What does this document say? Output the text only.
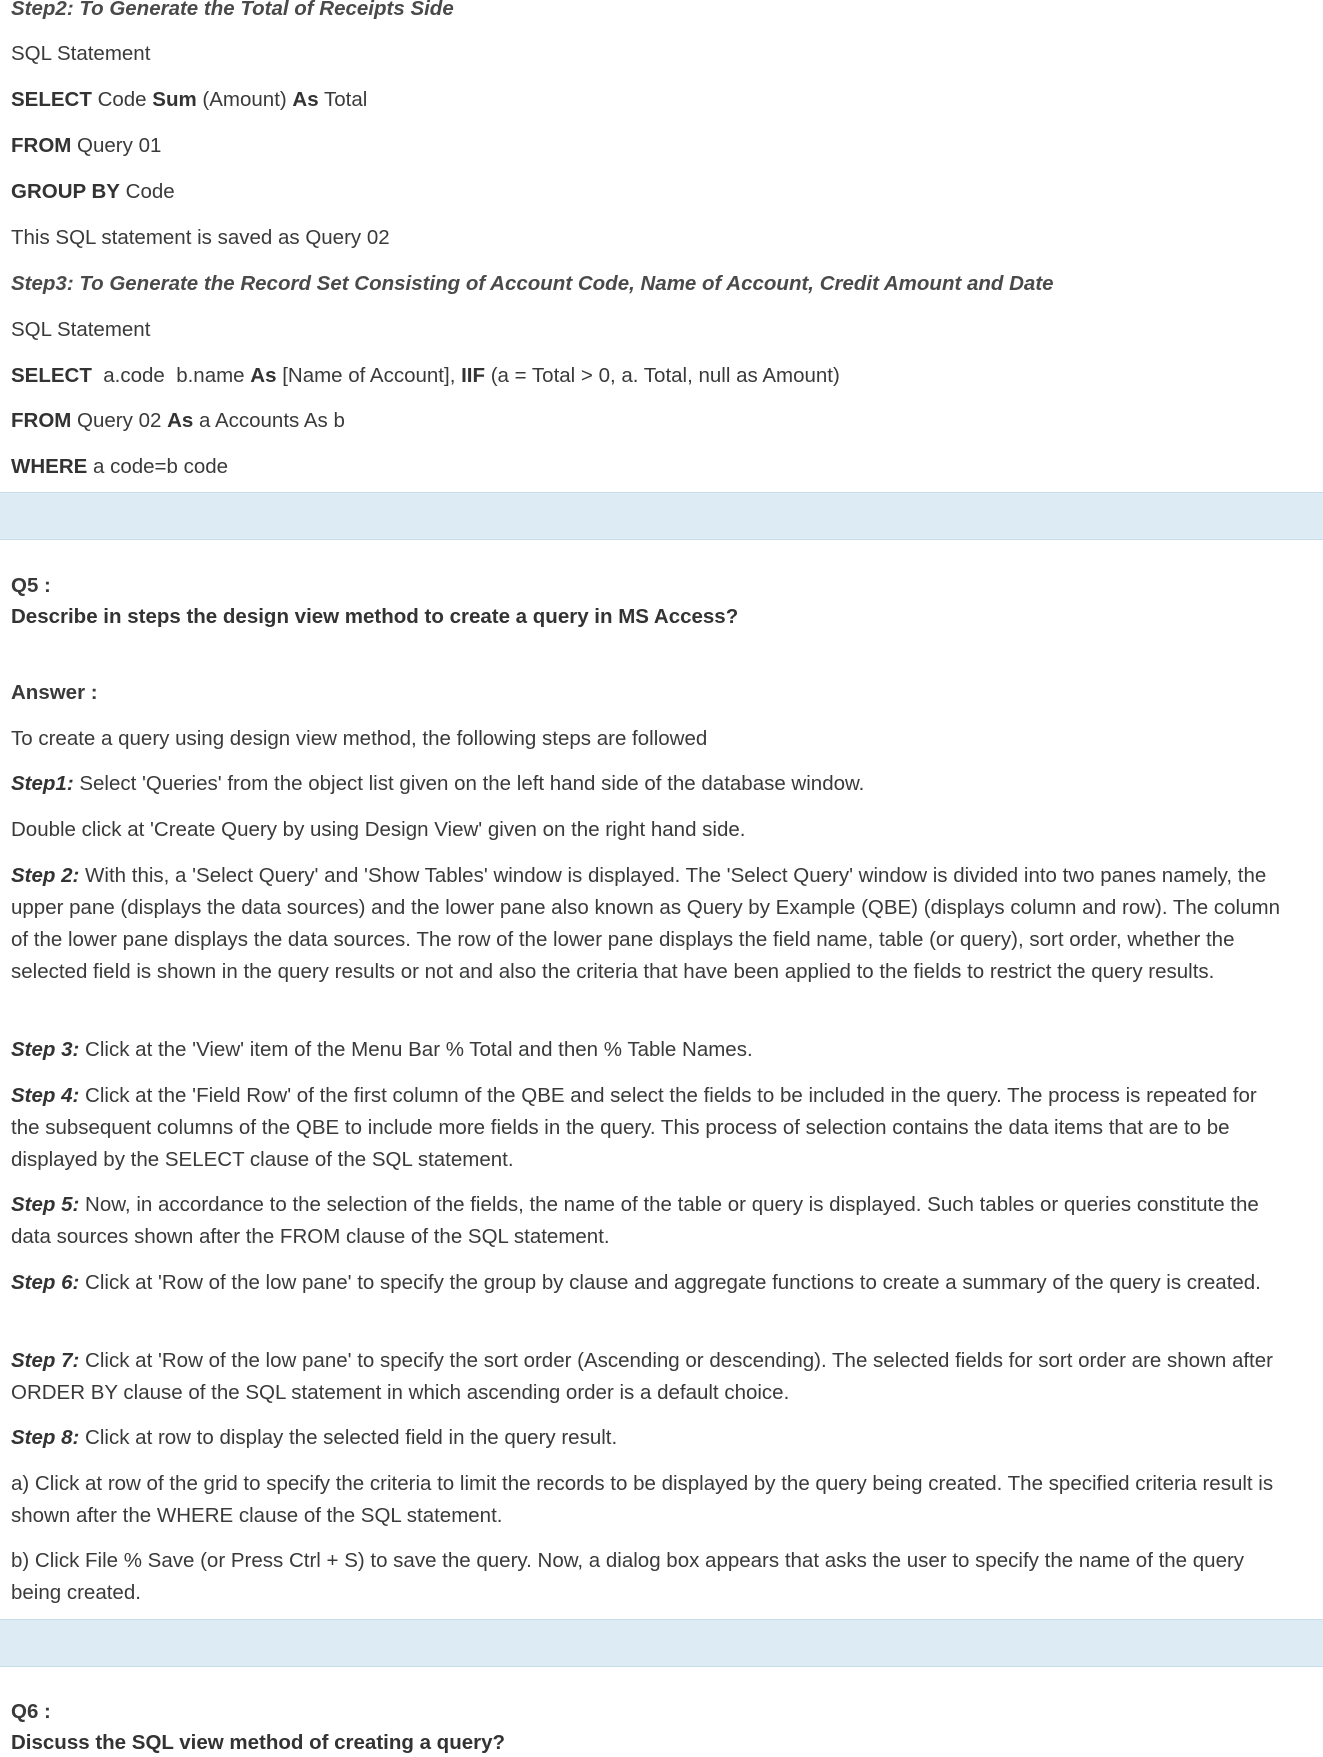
Step2: To Generate the Total of Receipts Side
SQL Statement
SELECT Code Sum (Amount) As Total
FROM Query 01
GROUP BY Code
This SQL statement is saved as Query 02
Step3: To Generate the Record Set Consisting of Account Code, Name of Account, Credit Amount and Date
SQL Statement
SELECT  a.code  b.name As [Name of Account], IIF (a = Total > 0, a. Total, null as Amount)
FROM Query 02 As a Accounts As b
WHERE a code=b code
Q5 :
Describe in steps the design view method to create a query in MS Access?
Answer :
To create a query using design view method, the following steps are followed
Step1: Select 'Queries' from the object list given on the left hand side of the database window.
Double click at 'Create Query by using Design View' given on the right hand side.
Step 2: With this, a 'Select Query' and 'Show Tables' window is displayed. The 'Select Query' window is divided into two panes namely, the upper pane (displays the data sources) and the lower pane also known as Query by Example (QBE) (displays column and row). The column of the lower pane displays the data sources. The row of the lower pane displays the field name, table (or query), sort order, whether the selected field is shown in the query results or not and also the criteria that have been applied to the fields to restrict the query results.
Step 3: Click at the 'View' item of the Menu Bar % Total and then % Table Names.
Step 4: Click at the 'Field Row' of the first column of the QBE and select the fields to be included in the query. The process is repeated for the subsequent columns of the QBE to include more fields in the query. This process of selection contains the data items that are to be displayed by the SELECT clause of the SQL statement.
Step 5: Now, in accordance to the selection of the fields, the name of the table or query is displayed. Such tables or queries constitute the data sources shown after the FROM clause of the SQL statement.
Step 6: Click at 'Row of the low pane' to specify the group by clause and aggregate functions to create a summary of the query is created.
Step 7: Click at 'Row of the low pane' to specify the sort order (Ascending or descending). The selected fields for sort order are shown after ORDER BY clause of the SQL statement in which ascending order is a default choice.
Step 8: Click at row to display the selected field in the query result.
a) Click at row of the grid to specify the criteria to limit the records to be displayed by the query being created. The specified criteria result is shown after the WHERE clause of the SQL statement.
b) Click File % Save (or Press Ctrl + S) to save the query. Now, a dialog box appears that asks the user to specify the name of the query being created.
Q6 :
Discuss the SQL view method of creating a query?
